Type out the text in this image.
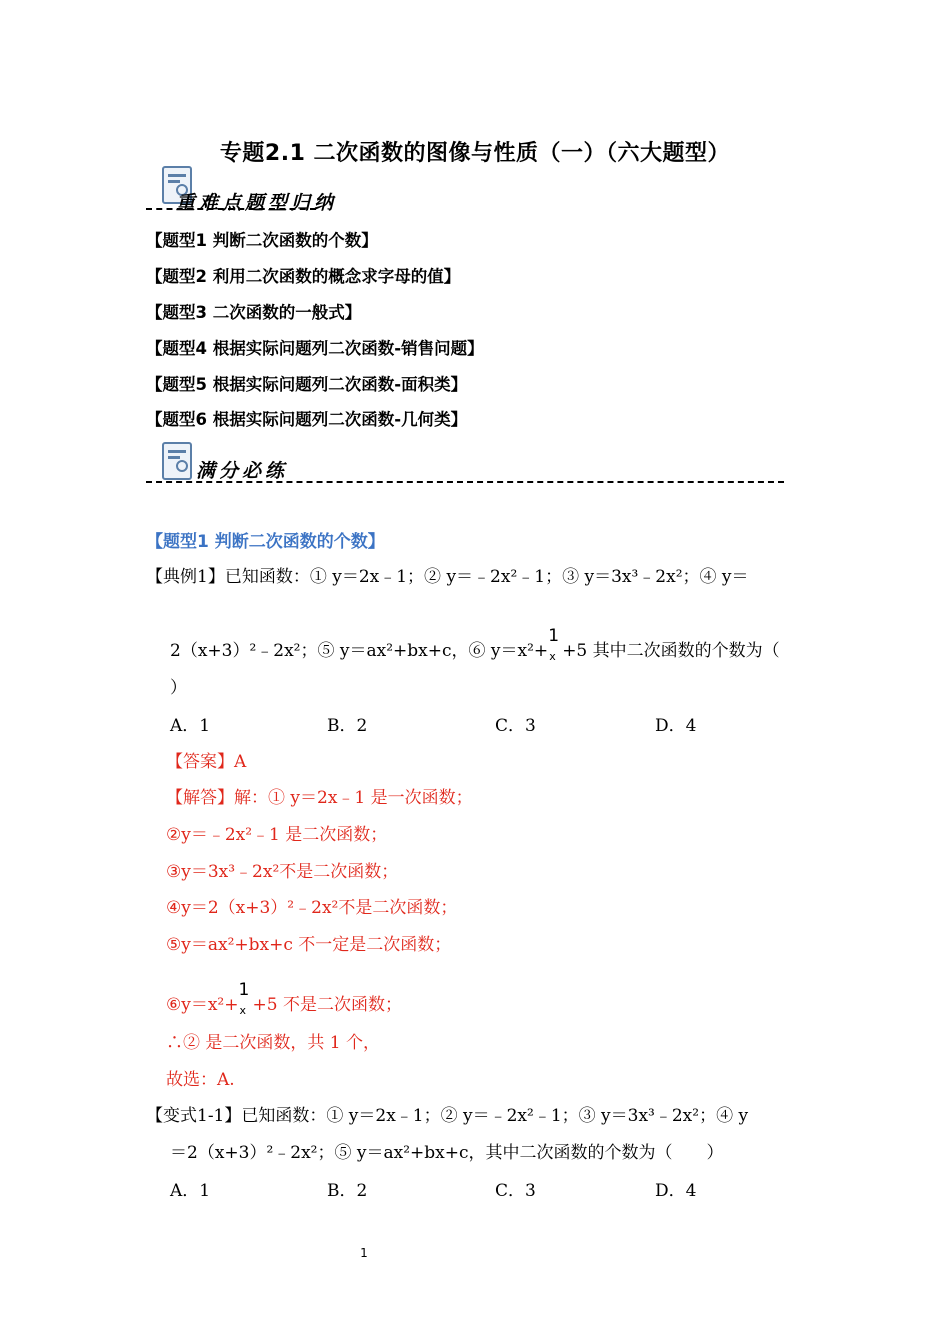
专题2.1 二次函数的图像与性质（一）（六大题型）
重难点题型归纳
【题型1 判断二次函数的个数】
【题型2 利用二次函数的概念求字母的值】
【题型3 二次函数的一般式】
【题型4 根据实际问题列二次函数-销售问题】
【题型5 根据实际问题列二次函数-面积类】
【题型6 根据实际问题列二次函数-几何类】
满分必练
【题型1 判断二次函数的个数】
【典例1】已知函数：① y＝2x﹣1；② y＝﹣2x²﹣1；③ y＝3x³﹣2x²；④ y＝
2（x+3）²﹣2x²；⑤ y＝ax²+bx+c，⑥ y＝x²+
1
x +5 其中二次函数的个数为（
）
A．1	B．2	C．3	D．4
【答案】A
【解答】解：① y＝2x﹣1 是一次函数；
②y＝﹣2x²﹣1 是二次函数；
③y＝3x³﹣2x²不是二次函数；
④y＝2（x+3）²﹣2x²不是二次函数；
⑤y＝ax²+bx+c 不一定是二次函数；
⑥y＝x²+
1
x +5 不是二次函数；
∴② 是二次函数，共 1 个，
故选：A.
【变式1-1】已知函数：① y＝2x﹣1；② y＝﹣2x²﹣1；③ y＝3x³﹣2x²；④ y
＝2（x+3）²﹣2x²；⑤ y＝ax²+bx+c，其中二次函数的个数为（　　）
A．1	B．2	C．3	D．4
1
